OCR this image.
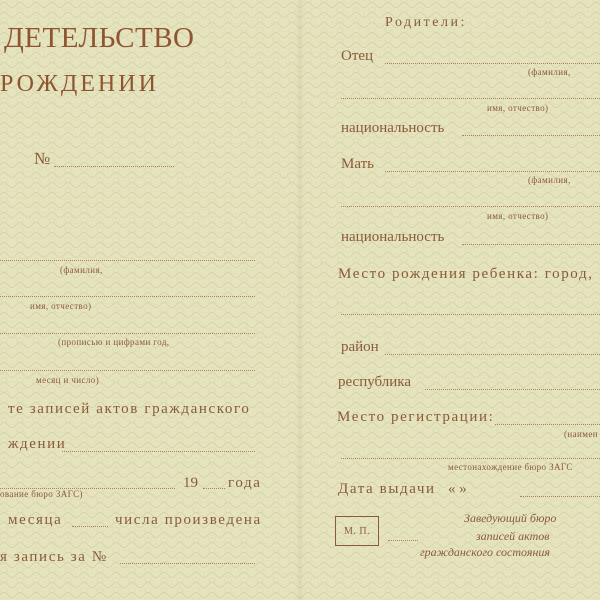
ДЕТЕЛЬСТВО
РОЖДЕНИИ
№
(фамилия,
имя, отчество)
(прописью и цифрами год,
месяц и число)
те записей актов гражданского
ждении
19 года
ование бюро ЗАГС)
месяца	числа произведена
я запись за №
Родители:
Отец
(фамилия,
имя, отчество)
национальность
Мать
(фамилия,
имя, отчество)
национальность
Место рождения ребенка: город,
район
республика
Место регистрации:
(наимен
местонахождение бюро ЗАГС
Дата выдачи « »
М. П.
Заведующий бюро
записей актов
гражданского состояния
